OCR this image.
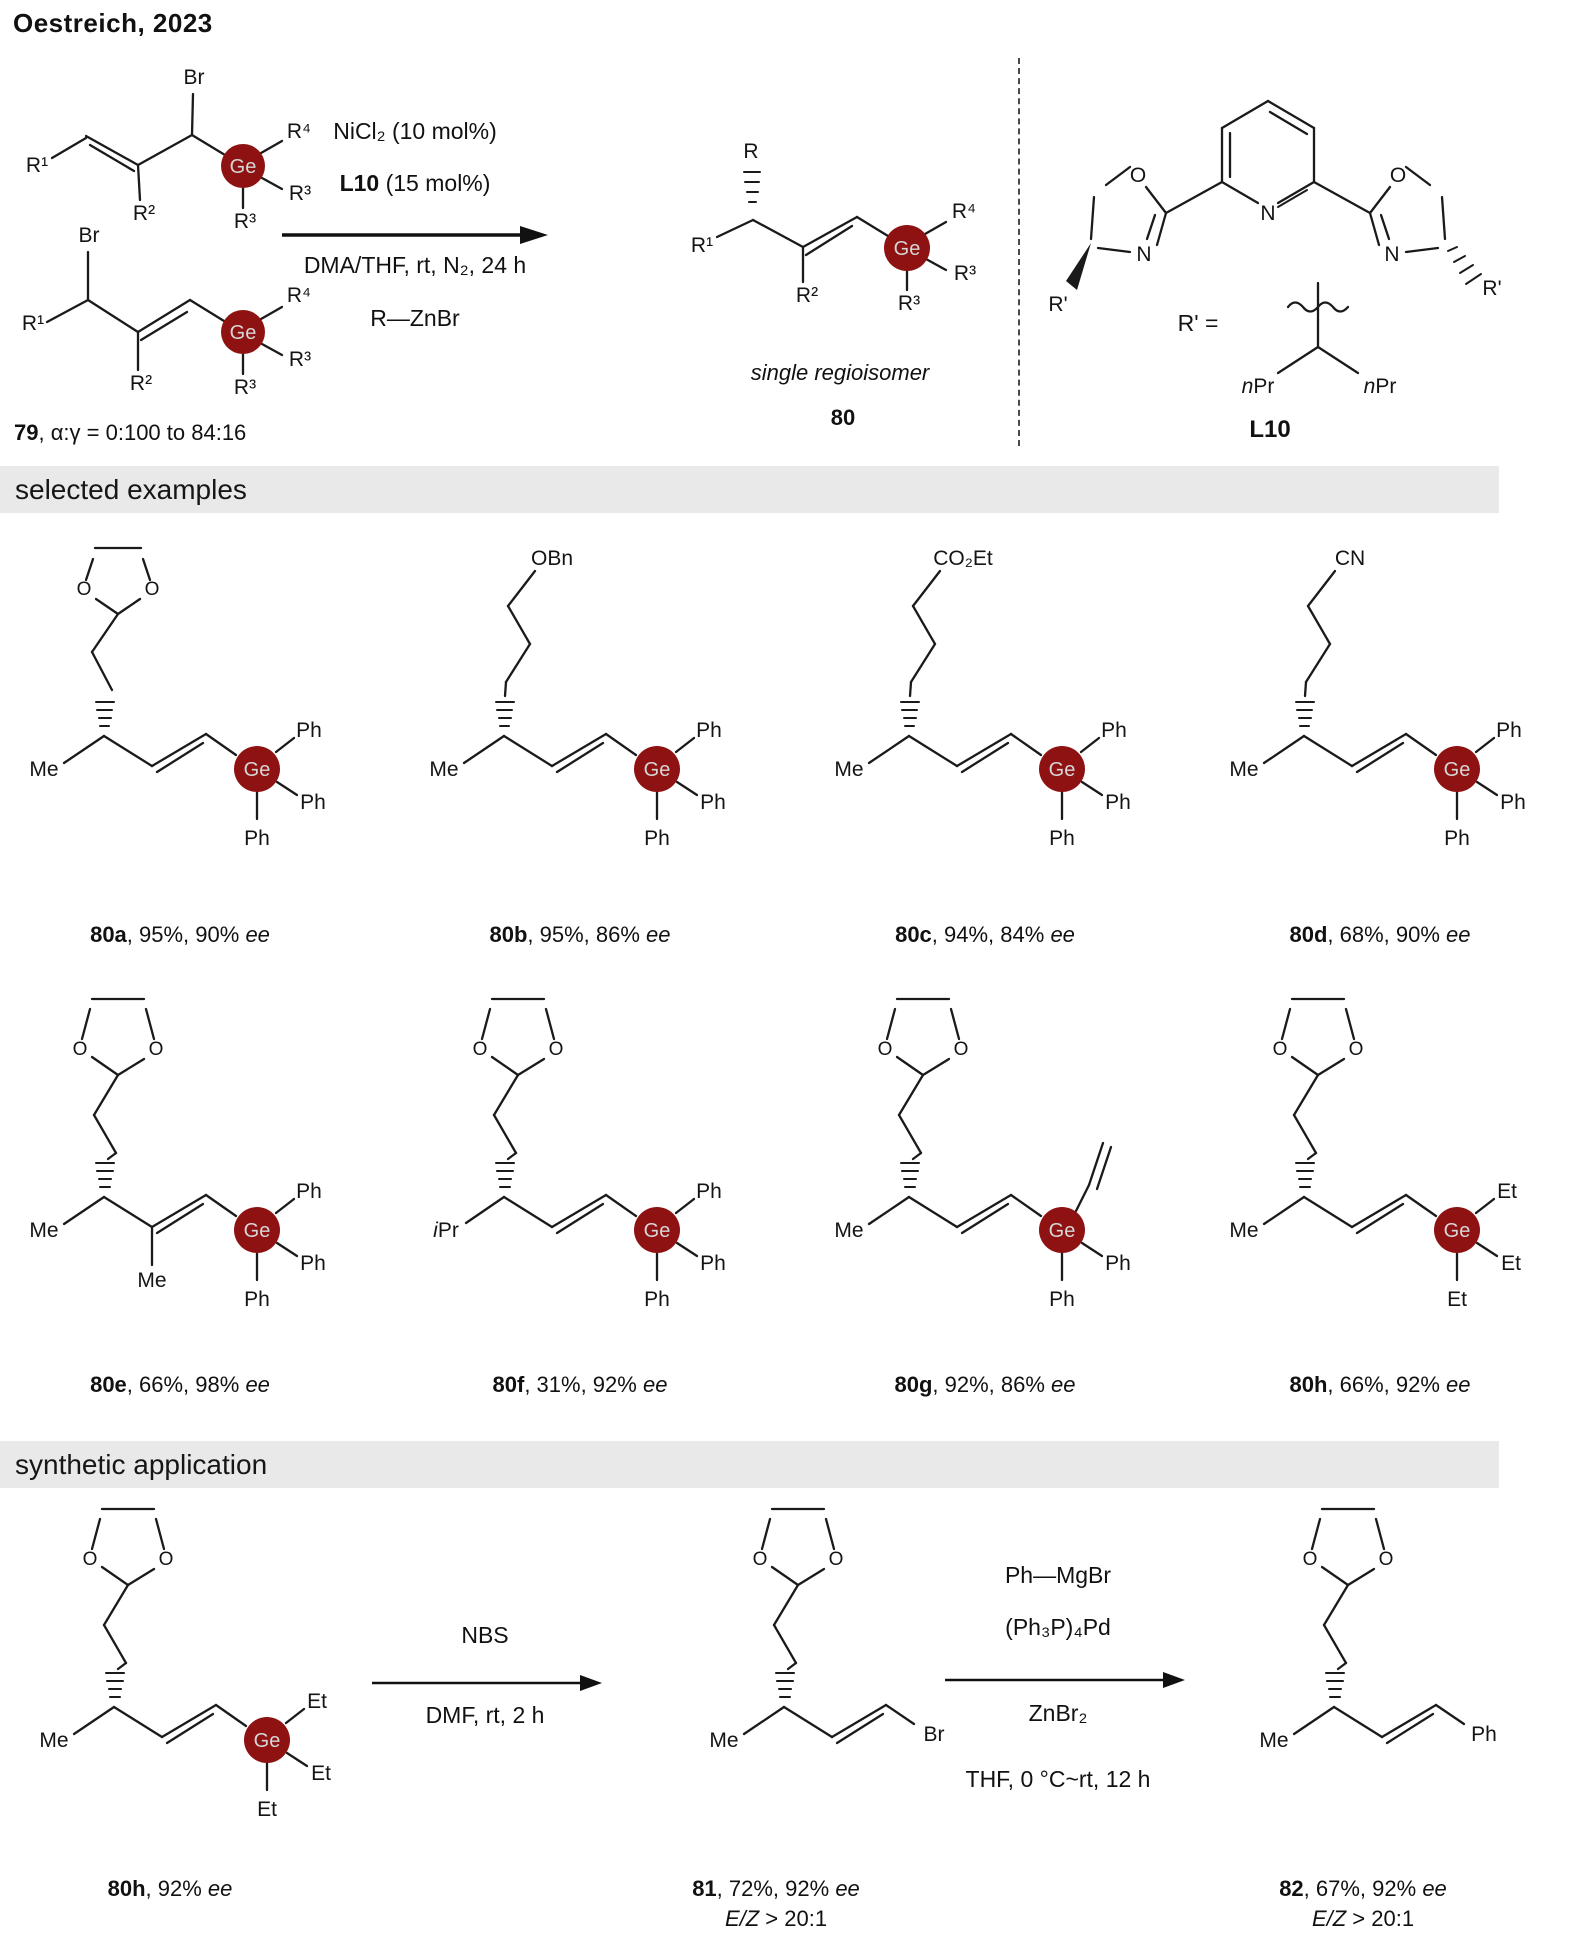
Oestreich, 2023
R¹
R²
Br
Ge
R⁴
R³
R³
R¹
Br
R²
Ge
R⁴
R³
R³
79, α:γ = 0:100 to 84:16
NiCl₂ (10 mol%)
L10 (15 mol%)
DMA/THF, rt, N₂, 24 h
R—ZnBr
R
R¹
R²
Ge
R⁴
R³
R³
single regioisomer
80
N
O
N
O
N
R'
R'
R' =
nPr	nPr
L10
selected examples
O	O
Me	Ge
Ph
Ph
Ph
80a, 95%, 90% ee
OBn
Me	Ge
Ph
Ph
Ph
80b, 95%, 86% ee
CO₂Et
Me	Ge
Ph
Ph
Ph
80c, 94%, 84% ee
CN
Me	Ge
Ph
Ph
Ph
80d, 68%, 90% ee
O	O
Me
Me
Ge
Ph
Ph
Ph
80e, 66%, 98% ee
O	O
iPr	Ge
Ph
Ph
Ph
80f, 31%, 92% ee
O	O
Me	Ge
Ph
Ph
80g, 92%, 86% ee
O	O
Me	Ge
Et
Et
Et
80h, 66%, 92% ee
synthetic application
O	O
Me	Ge
Et
Et
Et
80h, 92% ee
NBS
DMF, rt, 2 h
O	O
Me	Br
81, 72%, 92% ee
E/Z > 20:1
Ph—MgBr
(Ph₃P)₄Pd
ZnBr₂
THF, 0 °C~rt, 12 h
O	O
Me	Ph
82, 67%, 92% ee
E/Z > 20:1
